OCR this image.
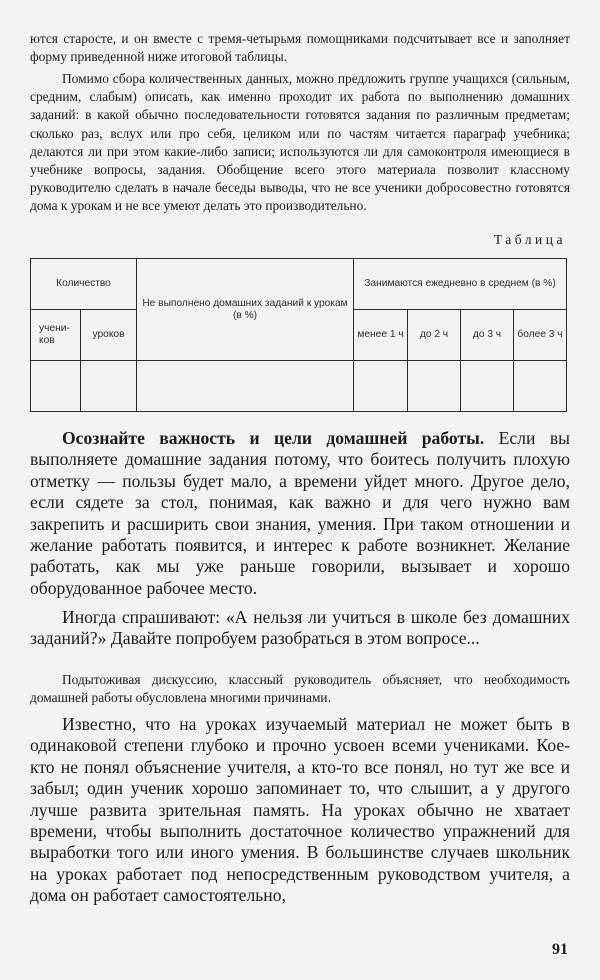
ются старосте, и он вместе с тремя-четырьмя помощниками подсчитывает все и заполняет форму приведенной ниже итоговой таблицы.

Помимо сбора количественных данных, можно предложить группе учащихся (сильным, средним, слабым) описать, как именно проходит их работа по выполнению домашних заданий: в какой обычно последовательности готовятся задания по различным предметам; сколько раз, вслух или про себя, целиком или по частям читается параграф учебника; делаются ли при этом какие-либо записи; используются ли для самоконтроля имеющиеся в учебнике вопросы, задания. Обобщение всего этого материала позволит классному руководителю сделать в начале беседы выводы, что не все ученики добросовестно готовятся дома к урокам и не все умеют делать это производительно.

Таблица
Количество		Не выполнено домашних заданий к урокам (в %)	Занимаются ежедневно в среднем (в %)			
учени-ков	уроков		менее 1 ч	до 2 ч	до 3 ч	более 3 ч

Осознайте важность и цели домашней работы. Если вы выполняете домашние задания потому, что боитесь получить плохую отметку — пользы будет мало, а времени уйдет много. Другое дело, если сядете за стол, понимая, как важно и для чего нужно вам закрепить и расширить свои знания, умения. При таком отношении и желание работать появится, и интерес к работе возникнет. Желание работать, как мы уже раньше говорили, вызывает и хорошо оборудованное рабочее место.

Иногда спрашивают: «А нельзя ли учиться в школе без домашних заданий?» Давайте попробуем разобраться в этом вопросе...

Подытоживая дискуссию, классный руководитель объясняет, что необходимость домашней работы обусловлена многими причинами.

Известно, что на уроках изучаемый материал не может быть в одинаковой степени глубоко и прочно усвоен всеми учениками. Кое-кто не понял объяснение учителя, а кто-то все понял, но тут же все и забыл; один ученик хорошо запоминает то, что слышит, а у другого лучше развита зрительная память. На уроках обычно не хватает времени, чтобы выполнить достаточное количество упражнений для выработки того или иного умения. В большинстве случаев школьник на уроках работает под непосредственным руководством учителя, а дома он работает самостоятельно,

91
